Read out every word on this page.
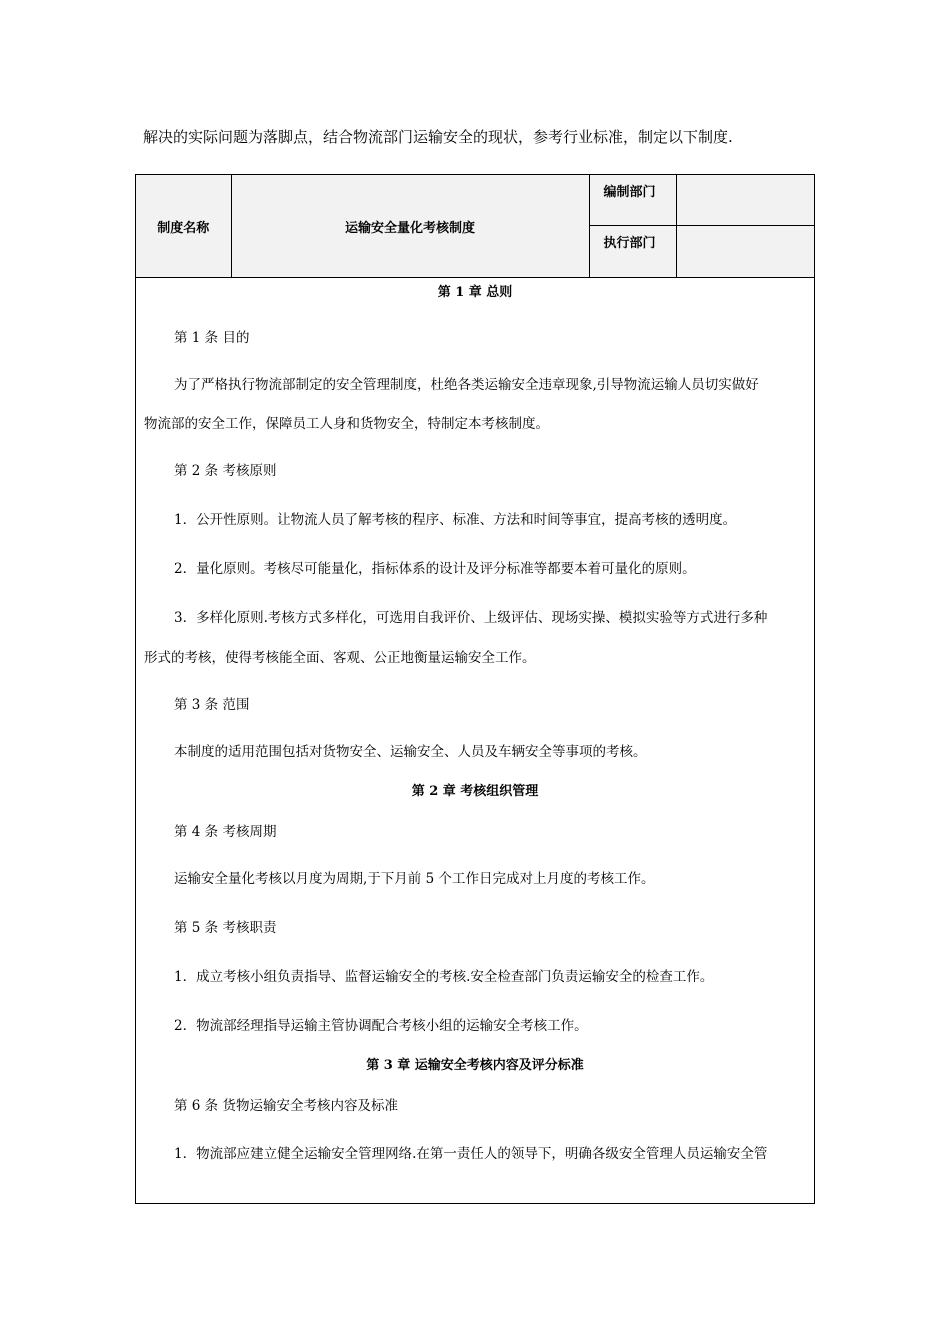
解决的实际问题为落脚点，结合物流部门运输安全的现状，参考行业标准，制定以下制度.
制度名称	运输安全量化考核制度	编制部门	
		执行部门	
第 1 章 总则
第 1 条 目的
为了严格执行物流部制定的安全管理制度，杜绝各类运输安全违章现象,引导物流运输人员切实做好
物流部的安全工作，保障员工人身和货物安全，特制定本考核制度。
第 2 条 考核原则
1．公开性原则。让物流人员了解考核的程序、标准、方法和时间等事宜，提高考核的透明度。
2．量化原则。考核尽可能量化，指标体系的设计及评分标准等都要本着可量化的原则。
3．多样化原则.考核方式多样化，可选用自我评价、上级评估、现场实操、模拟实验等方式进行多种
形式的考核，使得考核能全面、客观、公正地衡量运输安全工作。
第 3 条 范围
本制度的适用范围包括对货物安全、运输安全、人员及车辆安全等事项的考核。
第 2 章 考核组织管理
第 4 条 考核周期
运输安全量化考核以月度为周期,于下月前 5 个工作日完成对上月度的考核工作。
第 5 条 考核职责
1．成立考核小组负责指导、监督运输安全的考核.安全检查部门负责运输安全的检查工作。
2．物流部经理指导运输主管协调配合考核小组的运输安全考核工作。
第 3 章 运输安全考核内容及评分标准
第 6 条 货物运输安全考核内容及标准
1．物流部应建立健全运输安全管理网络.在第一责任人的领导下，明确各级安全管理人员运输安全管
